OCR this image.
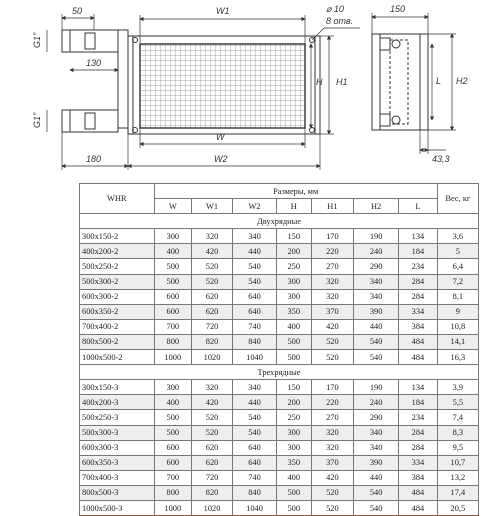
50	W1	⌀ 10
8 отв.
150
G1"
130
H H1	L H2
G1"
W
43,3
180	W2
WHR	Размеры, мм							Вес, кг
	W	W1	W2	H	H1	H2	L	
Двухрядные								
300x150-2	300	320	340	150	170	190	134	3,6
400x200-2	400	420	440	200	220	240	184	5
500x250-2	500	520	540	250	270	290	234	6,4
500x300-2	500	520	540	300	320	340	284	7,2
600x300-2	600	620	640	300	320	340	284	8,1
600x350-2	600	620	640	350	370	390	334	9
700x400-2	700	720	740	400	420	440	384	10,8
800x500-2	800	820	840	500	520	540	484	14,1
1000x500-2	1000	1020	1040	500	520	540	484	16,3
Трехрядные								
300x150-3	300	320	340	150	170	190	134	3,9
400x200-3	400	420	440	200	220	240	184	5,5
500x250-3	500	520	540	250	270	290	234	7,4
500x300-3	500	520	540	300	320	340	284	8,3
600x300-3	600	620	640	300	320	340	284	9,5
600x350-3	600	620	640	350	370	390	334	10,7
700x400-3	700	720	740	400	420	440	384	13,2
800x500-3	800	820	840	500	520	540	484	17,4
1000x500-3	1000	1020	1040	500	520	540	484	20,5
